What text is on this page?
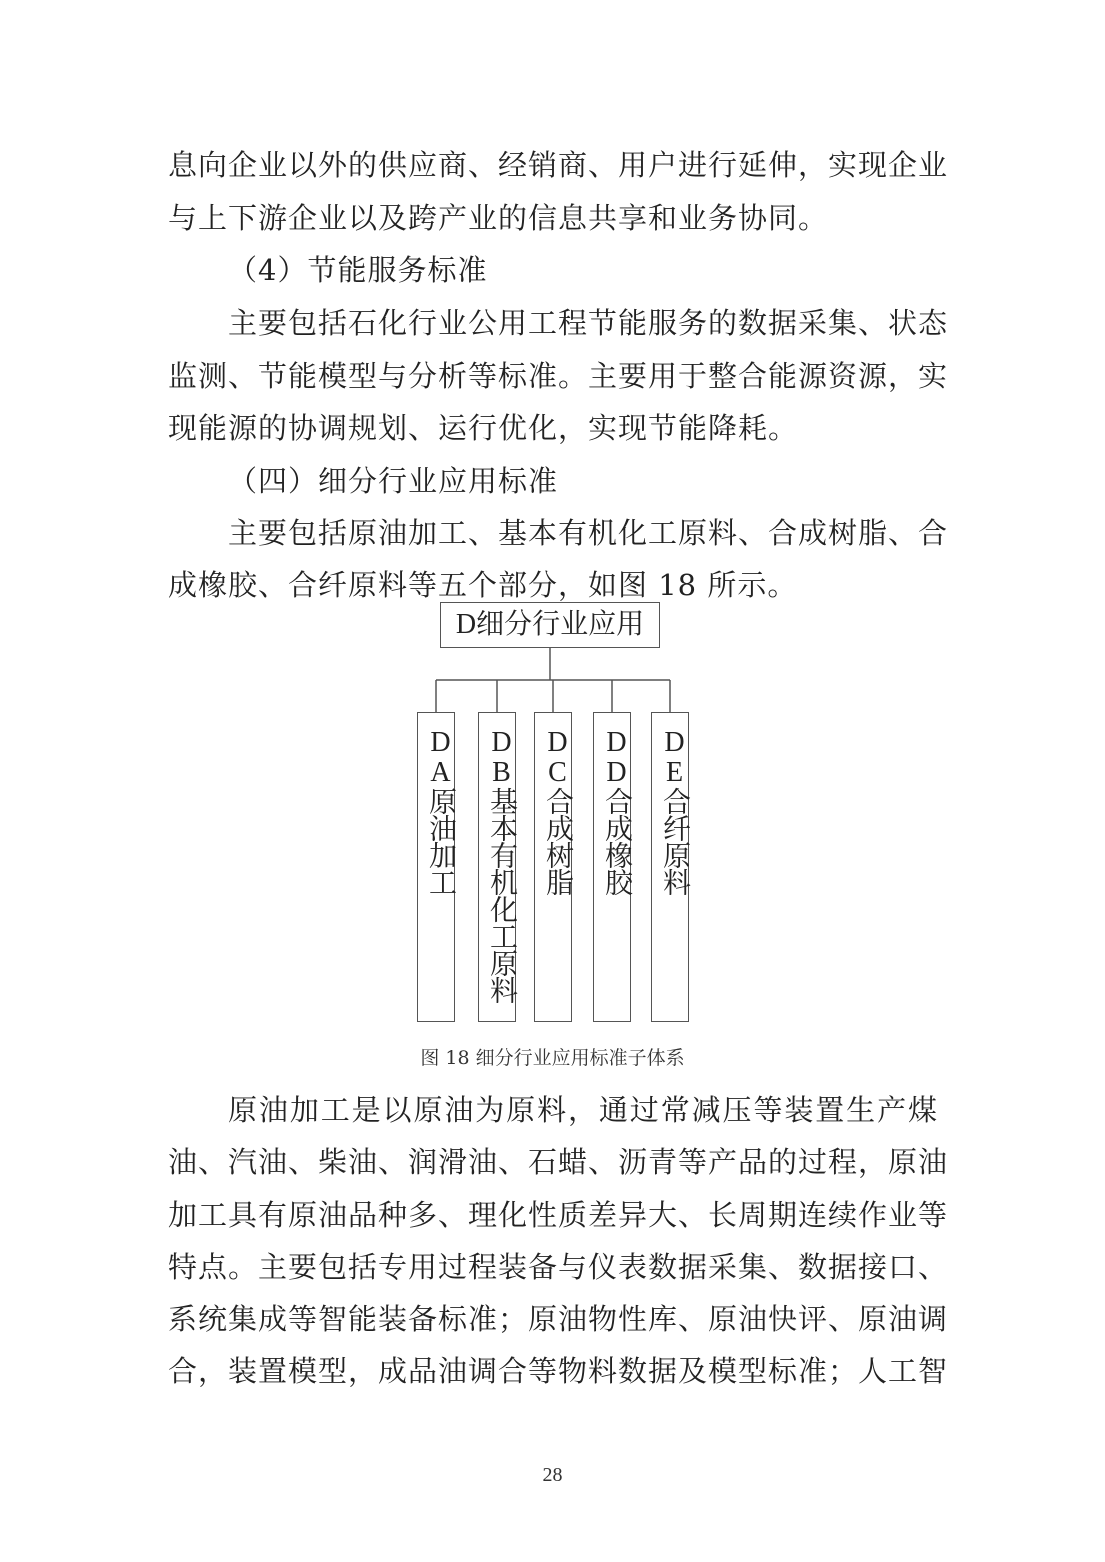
息向企业以外的供应商、经销商、用户进行延伸，实现企业
与上下游企业以及跨产业的信息共享和业务协同。
（4）节能服务标准
主要包括石化行业公用工程节能服务的数据采集、状态
监测、节能模型与分析等标准。主要用于整合能源资源，实
现能源的协调规划、运行优化，实现节能降耗。
（四）细分行业应用标准
主要包括原油加工、基本有机化工原料、合成树脂、合
成橡胶、合纤原料等五个部分，如图 18 所示。
D细分行业应用
DA原油加工 DB基本有机化工原料 DC合成树脂 DD合成橡胶 DE合纤原料
图 18 细分行业应用标准子体系
原油加工是以原油为原料，通过常减压等装置生产煤
油、汽油、柴油、润滑油、石蜡、沥青等产品的过程，原油
加工具有原油品种多、理化性质差异大、长周期连续作业等
特点。主要包括专用过程装备与仪表数据采集、数据接口、
系统集成等智能装备标准；原油物性库、原油快评、原油调
合，装置模型，成品油调合等物料数据及模型标准；人工智
28
